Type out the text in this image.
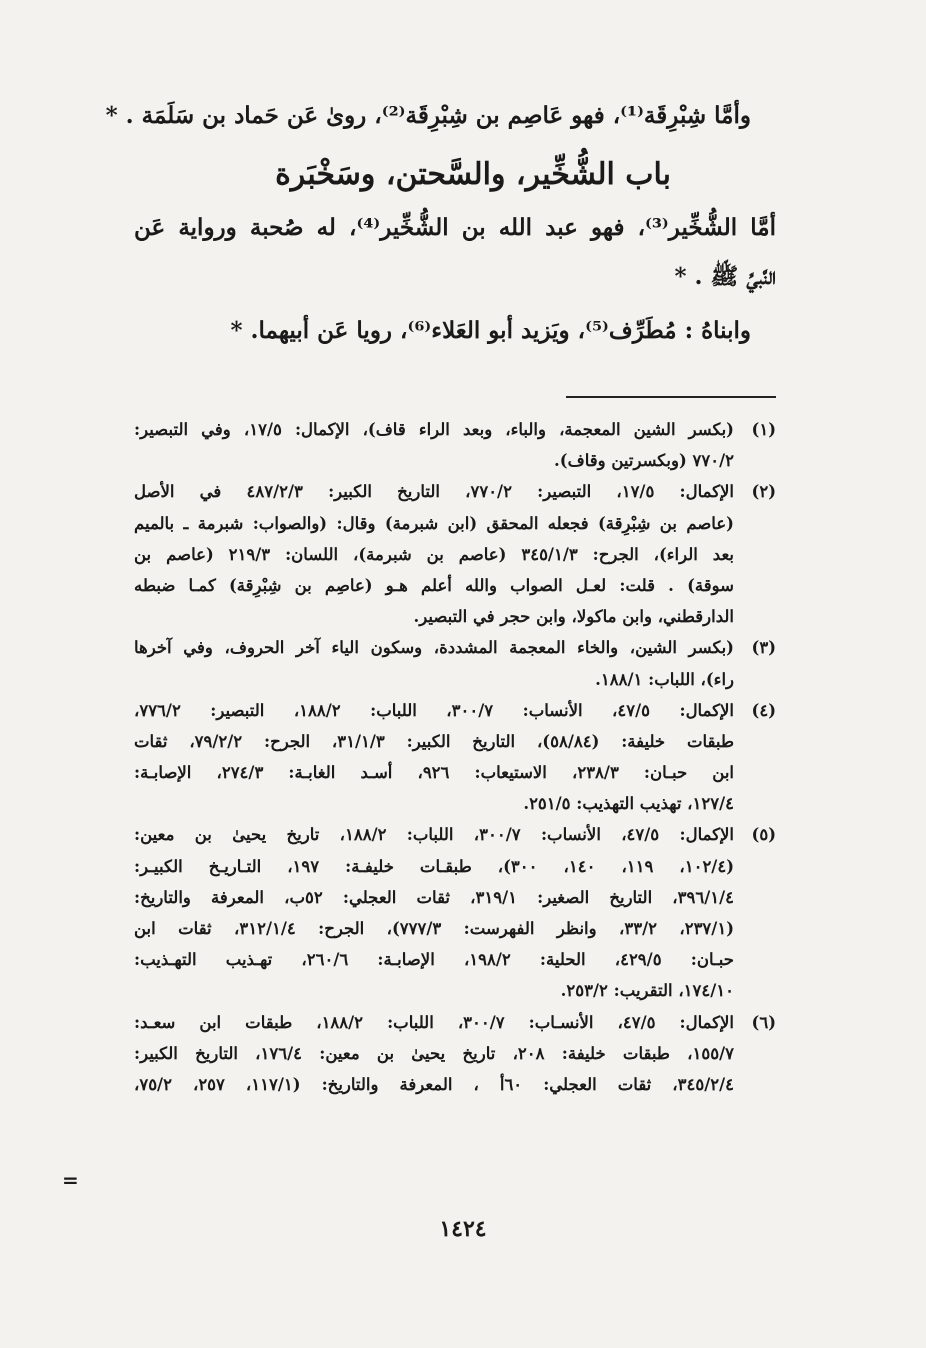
وأمَّا شِبْرِقَة⁽¹⁾، فهو عَاصِم بن شِبْرِقَة⁽²⁾، روىٰ عَن حَماد بن سَلَمَة . *
باب الشُّخِّير، والسَّحتن، وسَخْبَرة
أمَّا الشُّخِّير⁽³⁾، فهو عبد الله بن الشُّخِّير⁽⁴⁾، له صُحبة ورواية عَن
النَّبيِّ ﷺ . *
وابناهُ : مُطَرِّف⁽⁵⁾، ويَزيد أبو العَلاء⁽⁶⁾، رويا عَن أبيهما. *
(١)
(بكسر الشين المعجمة، والباء، وبعد الراء قاف)، الإكمال: ١٧/٥، وفي التبصير:
٧٧٠/٢ (وبكسرتين وقاف).
(٢)
الإكمال: ١٧/٥، التبصير: ٧٧٠/٢، التاريخ الكبير: ٤٨٧/٢/٣ في الأصل
(عاصم بن شِبْرِقة) فجعله المحقق (ابن شبرمة) وقال: (والصواب: شبرمة ـ بالميم
بعد الراء)، الجرح: ٣٤٥/١/٣ (عاصم بن شبرمة)، اللسان: ٢١٩/٣ (عاصم بن
سوقة) . قلت: لعـل الصواب والله أعلم هـو (عاصِم بن شِبْرِقة) كمـا ضبطه
الدارقطني، وابن ماكولا، وابن حجر في التبصير.
(٣)
(بكسر الشين، والخاء المعجمة المشددة، وسكون الياء آخر الحروف، وفي آخرها
راء)، اللباب: ١٨٨/١.
(٤)
الإكمال: ٤٧/٥، الأنساب: ٣٠٠/٧، اللباب: ١٨٨/٢، التبصير: ٧٧٦/٢،
طبقات خليفة: (٥٨/٨٤)، التاريخ الكبير: ٣١/١/٣، الجرح: ٧٩/٢/٢، ثقات
ابن حبـان: ٢٣٨/٣، الاستيعاب: ٩٢٦، أسـد الغابـة: ٢٧٤/٣، الإصابـة:
١٢٧/٤، تهذيب التهذيب: ٢٥١/٥.
(٥)
الإكمال: ٤٧/٥، الأنساب: ٣٠٠/٧، اللباب: ١٨٨/٢، تاريخ يحيىٰ بن معين:
(١٠٢/٤، ١١٩، ١٤٠، ٣٠٠)، طبقـات خليفـة: ١٩٧، التـاريـخ الكبيـر:
٣٩٦/١/٤، التاريخ الصغير: ٣١٩/١، ثقات العجلي: ٥٢ب، المعرفة والتاريخ:
(٢٣٧/١، ٣٣/٢، وانظر الفهرست: ٧٧٧/٣)، الجرح: ٣١٢/١/٤، ثقات ابن
حبـان: ٤٢٩/٥، الحلية: ١٩٨/٢، الإصابـة: ٢٦٠/٦، تهـذيب التهـذيب:
١٧٤/١٠، التقريب: ٢٥٣/٢.
(٦)
الإكمال: ٤٧/٥، الأنسـاب: ٣٠٠/٧، اللباب: ١٨٨/٢، طبقات ابن سعـد:
١٥٥/٧، طبقات خليفة: ٢٠٨، تاريخ يحيىٰ بن معين: ١٧٦/٤، التاريخ الكبير:
٣٤٥/٢/٤، ثقات العجلي: ٦٠أ ، المعرفة والتاريخ: (١١٧/١، ٢٥٧، ٧٥/٢،
=
١٤٢٤
